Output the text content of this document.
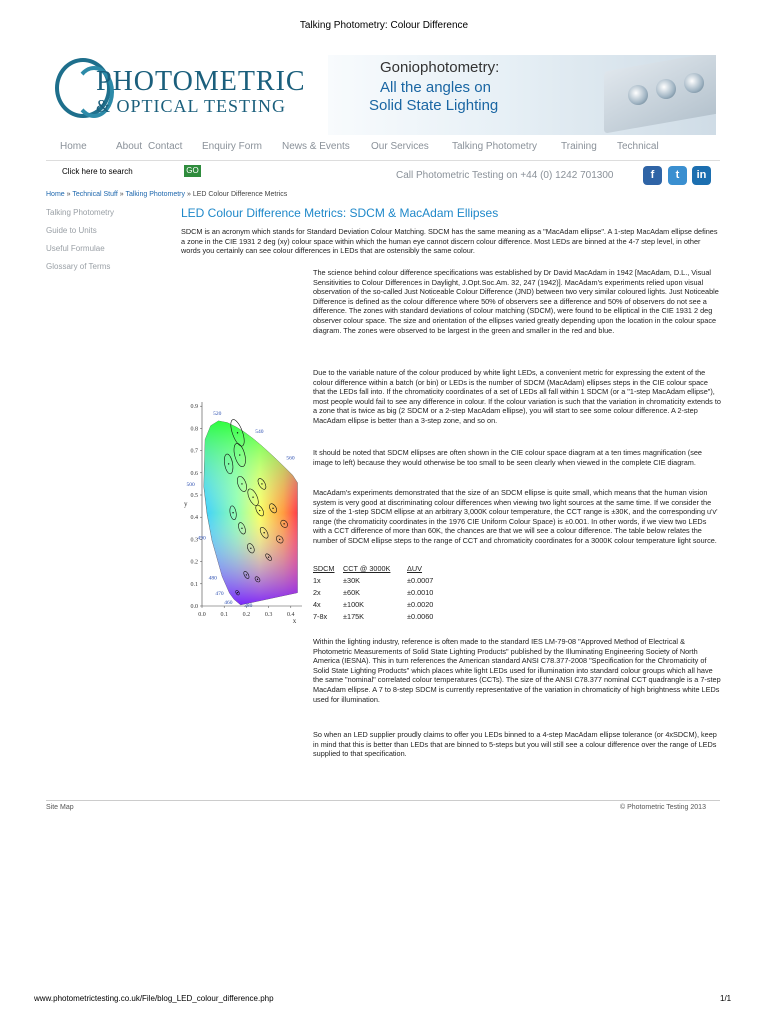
Talking Photometry: Colour Difference
PHOTOMETRIC
& OPTICAL TESTING
Goniophotometry:
All the angles on
Solid State Lighting
Home	About Contact Enquiry Form News & Events Our Services Talking Photometry Training Technical
Click here to search	GO	Call Photometric Testing on +44 (0) 1242 701300	f	t	in
Home » Technical Stuff » Talking Photometry » LED Colour Difference Metrics
Talking Photometry
Guide to Units
Useful Formulae
Glossary of Terms
LED Colour Difference Metrics: SDCM & MacAdam Ellipses
SDCM is an acronym which stands for Standard Deviation Colour Matching. SDCM has the same meaning as a "MacAdam ellipse". A 1-step MacAdam ellipse defines a zone in the CIE 1931 2 deg (xy) colour space within which the human eye cannot discern colour difference. Most LEDs are binned at the 4-7 step level, in other words you certainly can see colour differences in LEDs that are ostensibly the same colour.
The science behind colour difference specifications was established by Dr David MacAdam in 1942 [MacAdam, D.L., Visual Sensitivities to Colour Differences in Daylight, J.Opt.Soc.Am. 32, 247 (1942)]. MacAdam's experiments relied upon visual observation of the so-called Just Noticeable Colour Difference (JND) between two very similar coloured lights. Just Noticeable Difference is defined as the colour difference where 50% of observers see a difference and 50% of observers do not see a difference. The zones with standard deviations of colour matching (SDCM), were found to be elliptical in the CIE 1931 2 deg observer colour space. The size and orientation of the ellipses varied greatly depending upon the location in the colour space diagram. The zones were observed to be largest in the green and smaller in the red and blue.
Due to the variable nature of the colour produced by white light LEDs, a convenient metric for expressing the extent of the colour difference within a batch (or bin) or LEDs is the number of SDCM (MacAdam) ellipses steps in the CIE colour space that the LEDs fall into. If the chromaticity coordinates of a set of LEDs all fall within 1 SDCM (or a "1-step MacAdam ellipse"), most people would fail to see any difference in colour. If the colour variation is such that the variation in chromaticity extends to a zone that is twice as big (2 SDCM or a 2-step MacAdam ellipse), you will start to see some colour difference. A 2-step MacAdam ellipse is better than a 3-step zone, and so on.
It should be noted that SDCM ellipses are often shown in the CIE colour space diagram at a ten times magnification (see image to left) because they would otherwise be too small to be seen clearly when viewed in the complete CIE diagram.
MacAdam's experiments demonstrated that the size of an SDCM ellipse is quite small, which means that the human vision system is very good at discriminating colour differences when viewing two light sources at the same time. If we consider the size of the 1-step SDCM ellipse at an arbitrary 3,000K colour temperature, the CCT range is ±30K, and the corresponding u'v' range (the chromaticity coordinates in the 1976 CIE Uniform Colour Space) is ±0.001. In other words, if we view two LEDs with a CCT difference of more than 60K, the chances are that we will see a colour difference. The table below relates the number of SDCM ellipse steps to the range of CCT and chromaticity coordinates for a 3000K colour temperature light source.
SDCM	CCT @ 3000K	ΔUV
1x	±30K	±0.0007
2x	±60K	±0.0010
4x	±100K	±0.0020
7-8x	±175K	±0.0060
Within the lighting industry, reference is often made to the standard IES LM-79-08 "Approved Method of Electrical & Photometric Measurements of Solid State Lighting Products" published by the Illuminating Engineering Society of North America (IESNA). This in turn references the American standard ANSI C78.377-2008 "Specification for the Chromaticity of Solid State Lighting Products" which places white light LEDs used for illumination into standard colour groups which all have the same "nominal" correlated colour temperatures (CCTs). The size of the ANSI C78.377 nominal CCT quadrangle is a 7-step MacAdam ellipse. A 7 to 8-step SDCM is currently representative of the variation in chromaticity of high brightness white LEDs used for illumination.
So when an LED supplier proudly claims to offer you LEDs binned to a 4-step MacAdam ellipse tolerance (or 4xSDCM), keep in mind that this is better than LEDs that are binned to 5-steps but you will still see a colour difference over the range of LEDs supplied to that specification.
0.9
0.8
0.7
0.6
0.5
0.4
0.3
0.2
0.1
0.0
0.0 0.1 0.2 0.3 0.4
y
x
520
540
560
500
490
480
470
460 380
Site Map	© Photometric Testing 2013
www.photometrictesting.co.uk/File/blog_LED_colour_difference.php	1/1
